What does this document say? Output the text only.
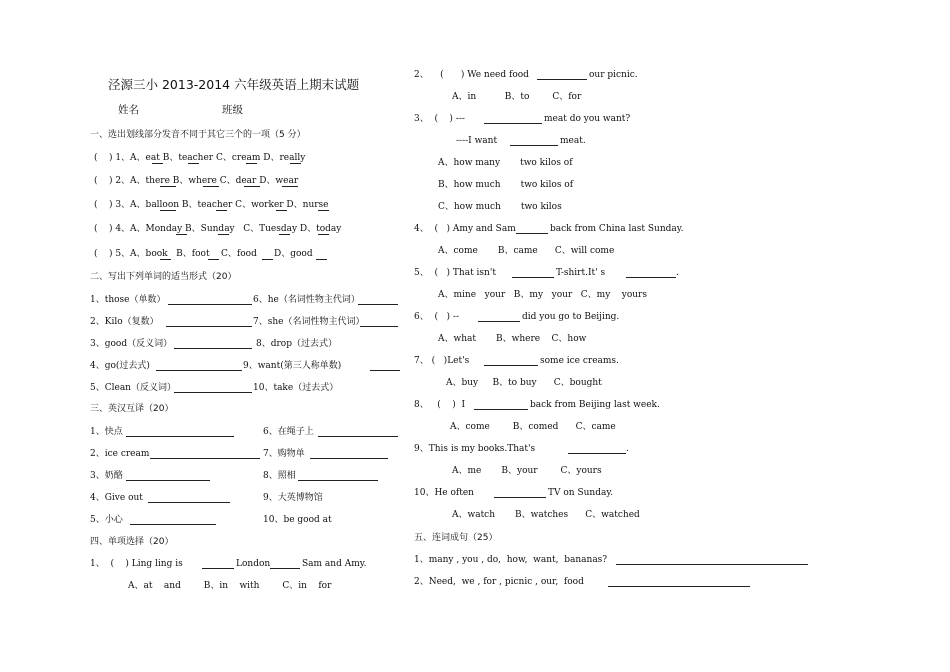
泾源三小 2013-2014 六年级英语上期末试题
姓名	班级
一、选出划线部分发音不同于其它三个的一项（5 分）
(    ) 1、A、eat B、teacher C、cream D、really
(    ) 2、A、there B、where C、dear D、wear
(    ) 3、A、balloon B、teacher C、worker D、nurse
(    ) 4、A、Monday B、Sunday   C、Tuesday D、today
(    ) 5、A、book   B、foot    C、food      D、good
二、写出下列单词的适当形式（20）
1、those（单数）	6、he（名词性物主代词）
2、Kilo（复数）	7、she（名词性物主代词）
3、good（反义词）	8、drop（过去式）
4、go(过去式)	9、want(第三人称单数)
5、Clean（反义词）	10、take（过去式）
三、英汉互译（20）
1、快点	6、在绳子上
2、ice cream	7、购物单
3、奶酪	8、照相
4、Give out	9、大英博物馆
5、小心	10、be good at
四、单项选择（20）
1、  (    ) Ling ling is	London	Sam and Amy.
A、at    and        B、in    with        C、in    for
2、    (      ) We need food	our picnic.
A、in          B、to        C、for
3、  (    ) ---	meat do you want?
----I want	meat.
A、how many       two kilos of
B、how much       two kilos of
C、how much       two kilos
4、  (   ) Amy and Sam	back from China last Sunday.
A、come       B、came      C、will come
5、  (   ) That isn't	T-shirt.It' s	.
A、mine   your   B、my   your   C、my    yours
6、  (   ) --	did you go to Beijing.
A、what       B、where    C、how
7、 (   )Let's	some ice creams.
A、buy     B、to buy      C、bought
8、   (    )  I	back from Beijing last week.
A、come        B、comed      C、came
9、This is my books.That's	.
A、me       B、your        C、yours
10、He often	TV on Sunday.
A、watch       B、watches      C、watched
五、连词成句（25）
1、many , you , do,  how,  want,  bananas?
2、Need,  we , for , picnic , our,  food
